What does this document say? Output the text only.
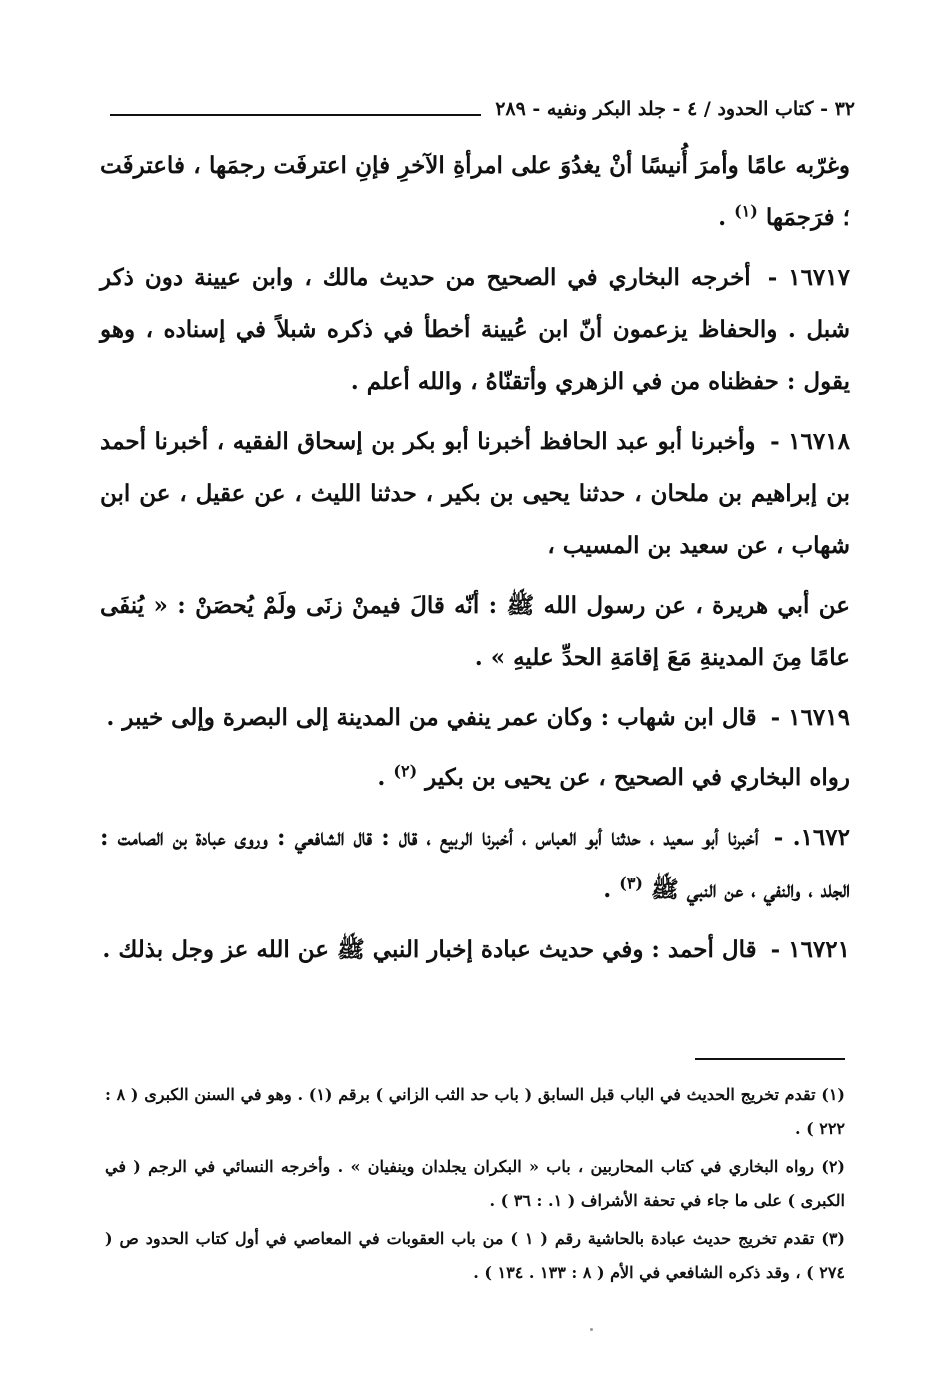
٣٢ - كتاب الحدود / ٤ - جلد البكر ونفيه - ٢٨٩

وغرّبه عامًا وأمرَ أُنيسًا أنْ يغدُوَ على امرأةِ الآخرِ فإنِ اعترفَت رجمَها ، فاعترفَت ؛ فرَجمَها $^{(١)}$ .

١٦٧١٧ - أخرجه البخاري في الصحيح من حديث مالك ، وابن عيينة دون ذكر شبل . والحفاظ يزعمون أنّ ابن عُيينة أخطأ في ذكره شبلاً في إسناده ، وهو يقول : حفظناه من في الزهري وأتقنّاهُ ، والله أعلم .

١٦٧١٨ - وأخبرنا أبو عبد الحافظ أخبرنا أبو بكر بن إسحاق الفقيه ، أخبرنا أحمد بن إبراهيم بن ملحان ، حدثنا يحيى بن بكير ، حدثنا الليث ، عن عقيل ، عن ابن شهاب ، عن سعيد بن المسيب ،

عن أبي هريرة ، عن رسول الله ﷺ : أنّه قالَ فيمنْ زنَى ولَمْ يُحصَنْ : « يُنفَى عامًا مِنَ المدينةِ مَعَ إقامَةِ الحدِّ عليهِ » .

١٦٧١٩ - قال ابن شهاب : وكان عمر ينفي من المدينة إلى البصرة وإلى خيبر .

رواه البخاري في الصحيح ، عن يحيى بن بكير $^{(٢)}$ .

١٦٧٢. - أخبرنا أبو سعيد ، حدثنا أبو العباس ، أخبرنا الربيع ، قال : قال الشافعي : وروى عبادة بن الصامت : الجلد ، والنفي ، عن النبي ﷺ $^{(٣)}$ .

١٦٧٢١ - قال أحمد : وفي حديث عبادة إخبار النبي ﷺ عن الله عز وجل بذلك .

(١) تقدم تخريج الحديث في الباب قبل السابق ( باب حد الثب الزاني ) برقم (١) . وهو في السنن الكبرى ( ٨ : ٢٢٢ ) .

(٢) رواه البخاري في كتاب المحاربين ، باب « البكران يجلدان وينفيان » . وأخرجه النسائي في الرجم ( في الكبرى ) على ما جاء في تحفة الأشراف ( ١. : ٣٦ ) .

(٣) تقدم تخريج حديث عبادة بالحاشية رقم ( ١ ) من باب العقوبات في المعاصي في أول كتاب الحدود ص ( ٢٧٤ ) ، وقد ذكره الشافعي في الأم ( ٨ : ١٣٣ . ١٣٤ ) .
